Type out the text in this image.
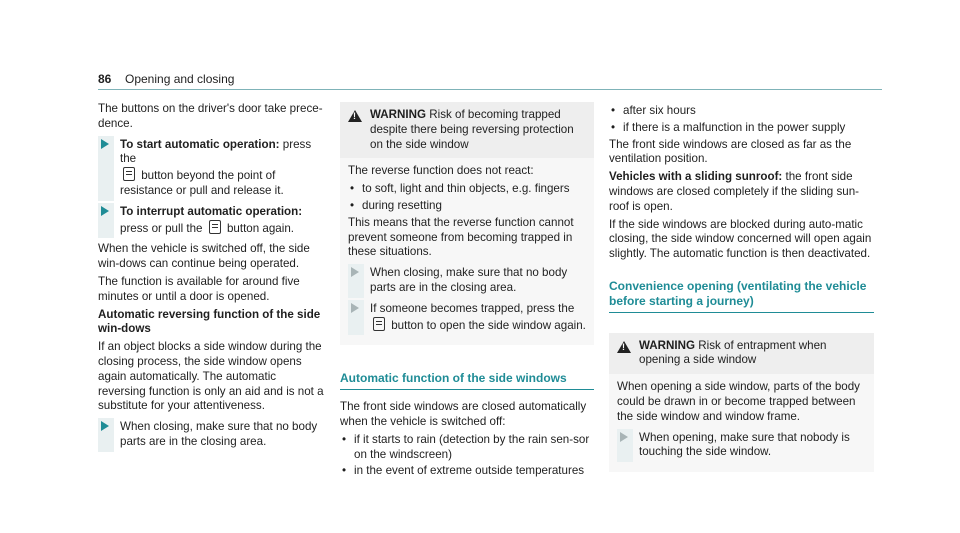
86 Opening and closing

The buttons on the driver's door take prece-dence.

To start automatic operation: press the
button beyond the point of resistance or pull and release it.
To interrupt automatic operation: press or pull the  button again.

When the vehicle is switched off, the side win-dows can continue being operated.

The function is available for around five minutes or until a door is opened.

Automatic reversing function of the side win-dows

If an object blocks a side window during the closing process, the side window opens again automatically. The automatic reversing function is only an aid and is not a substitute for your attentiveness.

When closing, make sure that no body parts are in the closing area.
!
WARNING Risk of becoming trapped despite there being reversing protection on the side window

The reverse function does not react:

• to soft, light and thin objects, e.g. fingers
• during resetting

This means that the reverse function cannot prevent someone from becoming trapped in these situations.

When closing, make sure that no body parts are in the closing area.
If someone becomes trapped, press the
button to open the side window again.
Automatic function of the side windows

The front side windows are closed automatically when the vehicle is switched off:

• if it starts to rain (detection by the rain sen-sor on the windscreen)
• in the event of extreme outside temperatures
• after six hours
• if there is a malfunction in the power supply

The front side windows are closed as far as the ventilation position.

Vehicles with a sliding sunroof: the front side windows are closed completely if the sliding sun-roof is open.

If the side windows are blocked during auto-matic closing, the side window concerned will open again slightly. The automatic function is then deactivated.

Convenience opening (ventilating the vehicle before starting a journey)
!
WARNING Risk of entrapment when opening a side window

When opening a side window, parts of the body could be drawn in or become trapped between the side window and window frame.

When opening, make sure that nobody is touching the side window.
